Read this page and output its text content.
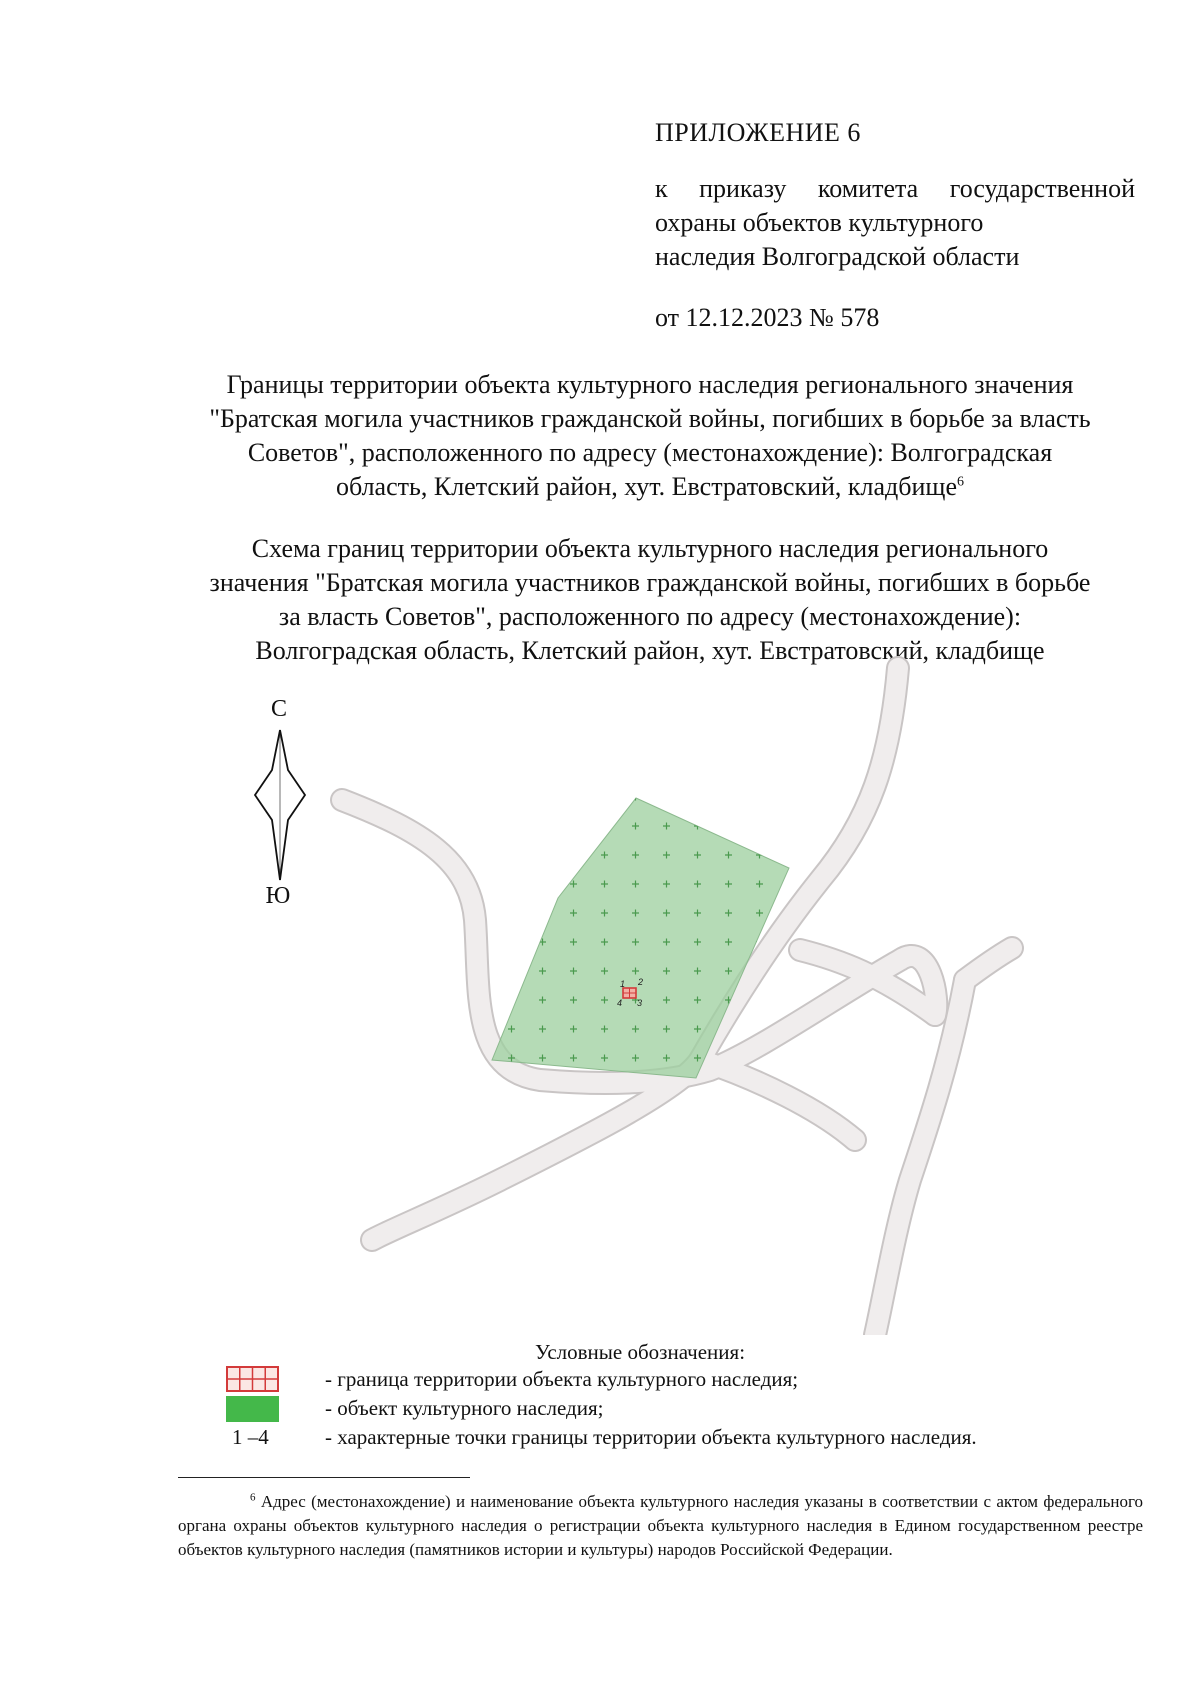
ПРИЛОЖЕНИЕ 6
к приказу комитета государственной
охраны объектов культурного
наследия Волгоградской области
от 12.12.2023 № 578

Границы территории объекта культурного наследия регионального значения

"Братская могила участников гражданской войны, погибших в борьбе за власть

Советов", расположенного по адресу (местонахождение): Волгоградская

область, Клетский район, хут. Евстратовский, кладбище$^6$

Схема границ территории объекта культурного наследия регионального

значения "Братская могила участников гражданской войны, погибших в борьбе

за власть Советов", расположенного по адресу (местонахождение):

Волгоградская область, Клетский район, хут. Евстратовский, кладбище

1 2
3
4
С
Ю
Условные обозначения:
1 –4
- граница территории объекта культурного наследия;
- объект культурного наследия;
- характерные точки границы территории объекта культурного наследия.
$^6$ Адрес (местонахождение) и наименование объекта культурного наследия указаны в соответствии с актом федерального органа охраны объектов культурного наследия о регистрации объекта культурного наследия в Едином государственном реестре объектов культурного наследия (памятников истории и культуры) народов Российской Федерации.
